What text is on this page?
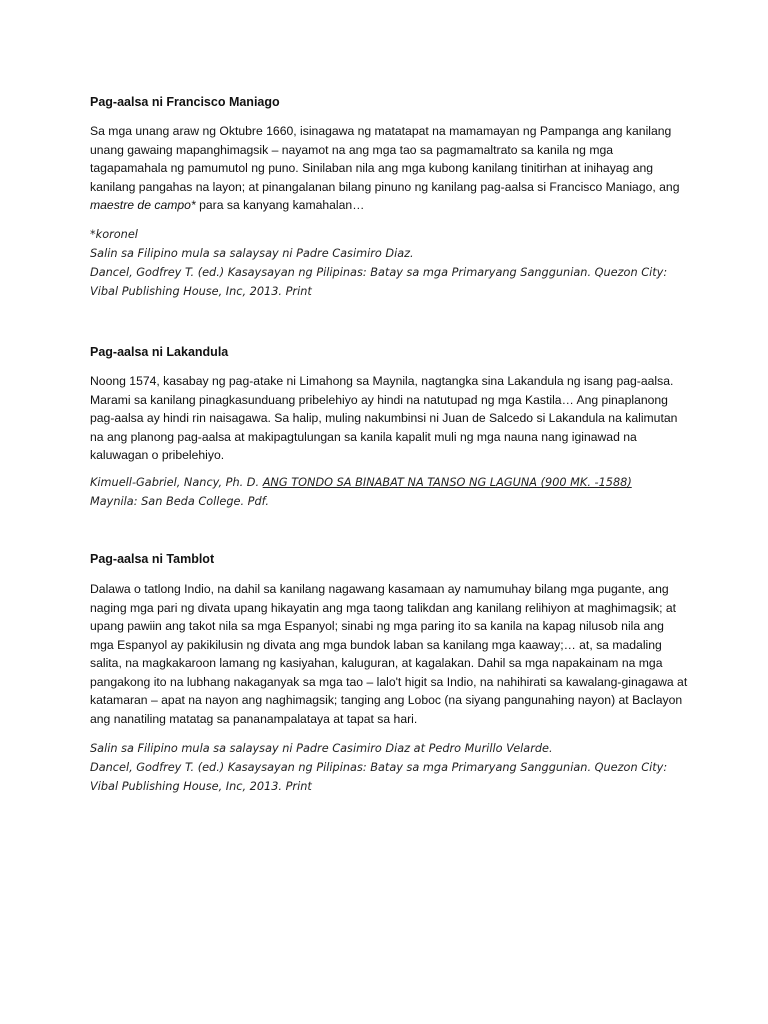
Pag-aalsa ni Francisco Maniago

Sa mga unang araw ng Oktubre 1660, isinagawa ng matatapat na mamamayan ng Pampanga ang kanilang unang gawaing mapanghimagsik – nayamot na ang mga tao sa pagmamaltrato sa kanila ng mga tagapamahala ng pamumutol ng puno. Sinilaban nila ang mga kubong kanilang tinitirhan at inihayag ang kanilang pangahas na layon; at pinangalanan bilang pinuno ng kanilang pag-aalsa si Francisco Maniago, ang maestre de campo* para sa kanyang kamahalan…

*koronel

Salin sa Filipino mula sa salaysay ni Padre Casimiro Diaz.

Dancel, Godfrey T. (ed.) Kasaysayan ng Pilipinas: Batay sa mga Primaryang Sanggunian. Quezon City:

Vibal Publishing House, Inc, 2013. Print

Pag-aalsa ni Lakandula

Noong 1574, kasabay ng pag-atake ni Limahong sa Maynila, nagtangka sina Lakandula ng isang pag-aalsa. Marami sa kanilang pinagkasunduang pribelehiyo ay hindi na natutupad ng mga Kastila… Ang pinaplanong pag-aalsa ay hindi rin naisagawa. Sa halip, muling nakumbinsi ni Juan de Salcedo si Lakandula na kalimutan na ang planong pag-aalsa at makipagtulungan sa kanila kapalit muli ng mga nauna nang iginawad na kaluwagan o pribelehiyo.

Kimuell-Gabriel, Nancy, Ph. D. ANG TONDO SA BINABAT NA TANSO NG LAGUNA (900 MK. -1588)

Maynila: San Beda College. Pdf.

Pag-aalsa ni Tamblot

Dalawa o tatlong Indio, na dahil sa kanilang nagawang kasamaan ay namumuhay bilang mga pugante, ang naging mga pari ng divata upang hikayatin ang mga taong talikdan ang kanilang relihiyon at maghimagsik; at upang pawiin ang takot nila sa mga Espanyol; sinabi ng mga paring ito sa kanila na kapag nilusob nila ang mga Espanyol ay pakikilusin ng divata ang mga bundok laban sa kanilang mga kaaway;… at, sa madaling salita, na magkakaroon lamang ng kasiyahan, kaluguran, at kagalakan. Dahil sa mga napakainam na mga pangakong ito na lubhang nakaganyak sa mga tao – lalo't higit sa Indio, na nahihirati sa kawalang-ginagawa at katamaran – apat na nayon ang naghimagsik; tanging ang Loboc (na siyang pangunahing nayon) at Baclayon ang nanatiling matatag sa pananampalataya at tapat sa hari.

Salin sa Filipino mula sa salaysay ni Padre Casimiro Diaz at Pedro Murillo Velarde.

Dancel, Godfrey T. (ed.) Kasaysayan ng Pilipinas: Batay sa mga Primaryang Sanggunian. Quezon City:

Vibal Publishing House, Inc, 2013. Print
